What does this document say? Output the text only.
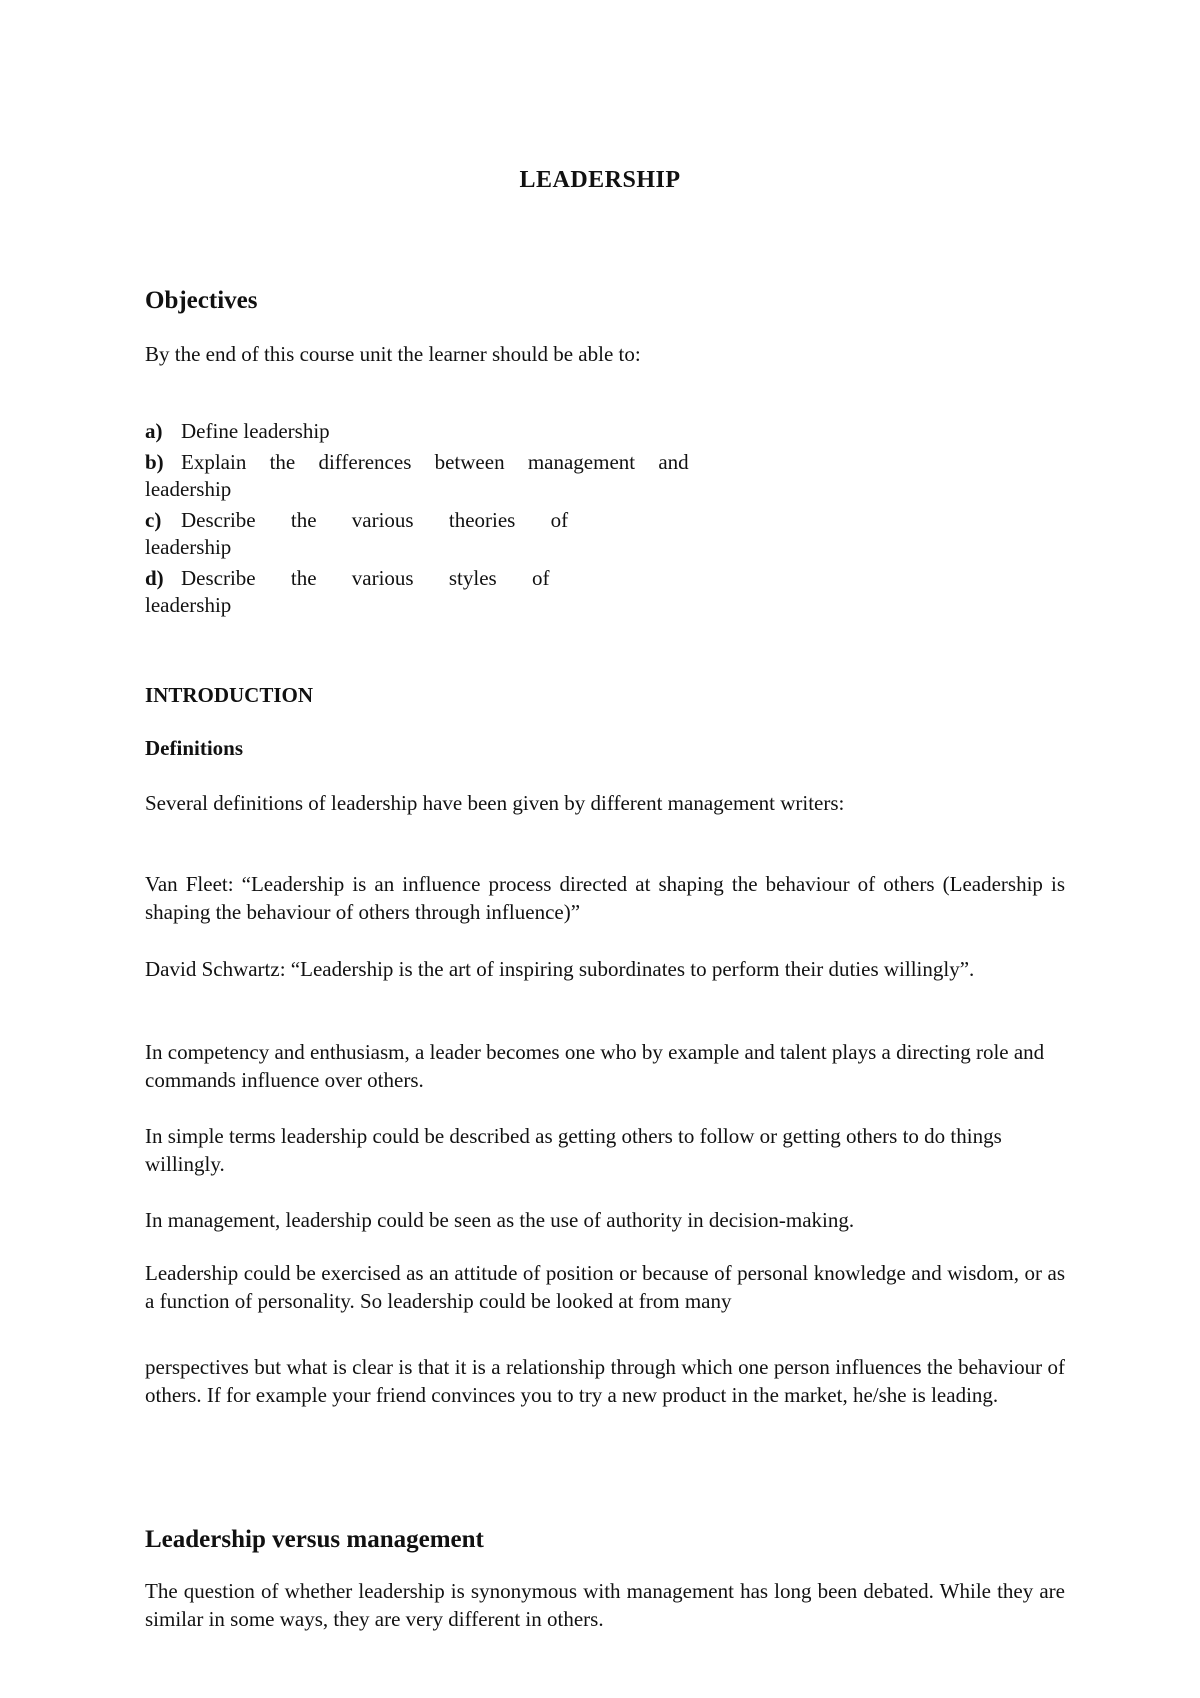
LEADERSHIP
Objectives
By the end of this course unit the learner should be able to:
a) Define leadership
b) Explain the differences between management and
leadership
c) Describe the various theories of
leadership
d) Describe the various styles of
leadership
INTRODUCTION
Definitions
Several definitions of leadership have been given by different management writers:
Van Fleet: “Leadership is an influence process directed at shaping the behaviour of others (Leadership is shaping the behaviour of others through influence)”
David Schwartz: “Leadership is the art of inspiring subordinates to perform their duties willingly”.
In competency and enthusiasm, a leader becomes one who by example and talent plays a directing role and commands influence over others.
In simple terms leadership could be described as getting others to follow or getting others to do things willingly.
In management, leadership could be seen as the use of authority in decision-making.
Leadership could be exercised as an attitude of position or because of personal knowledge and wisdom, or as a function of personality. So leadership could be looked at from many
perspectives but what is clear is that it is a relationship through which one person influences the behaviour of others. If for example your friend convinces you to try a new product in the market, he/she is leading.
Leadership versus management
The question of whether leadership is synonymous with management has long been debated. While they are similar in some ways, they are very different in others.
